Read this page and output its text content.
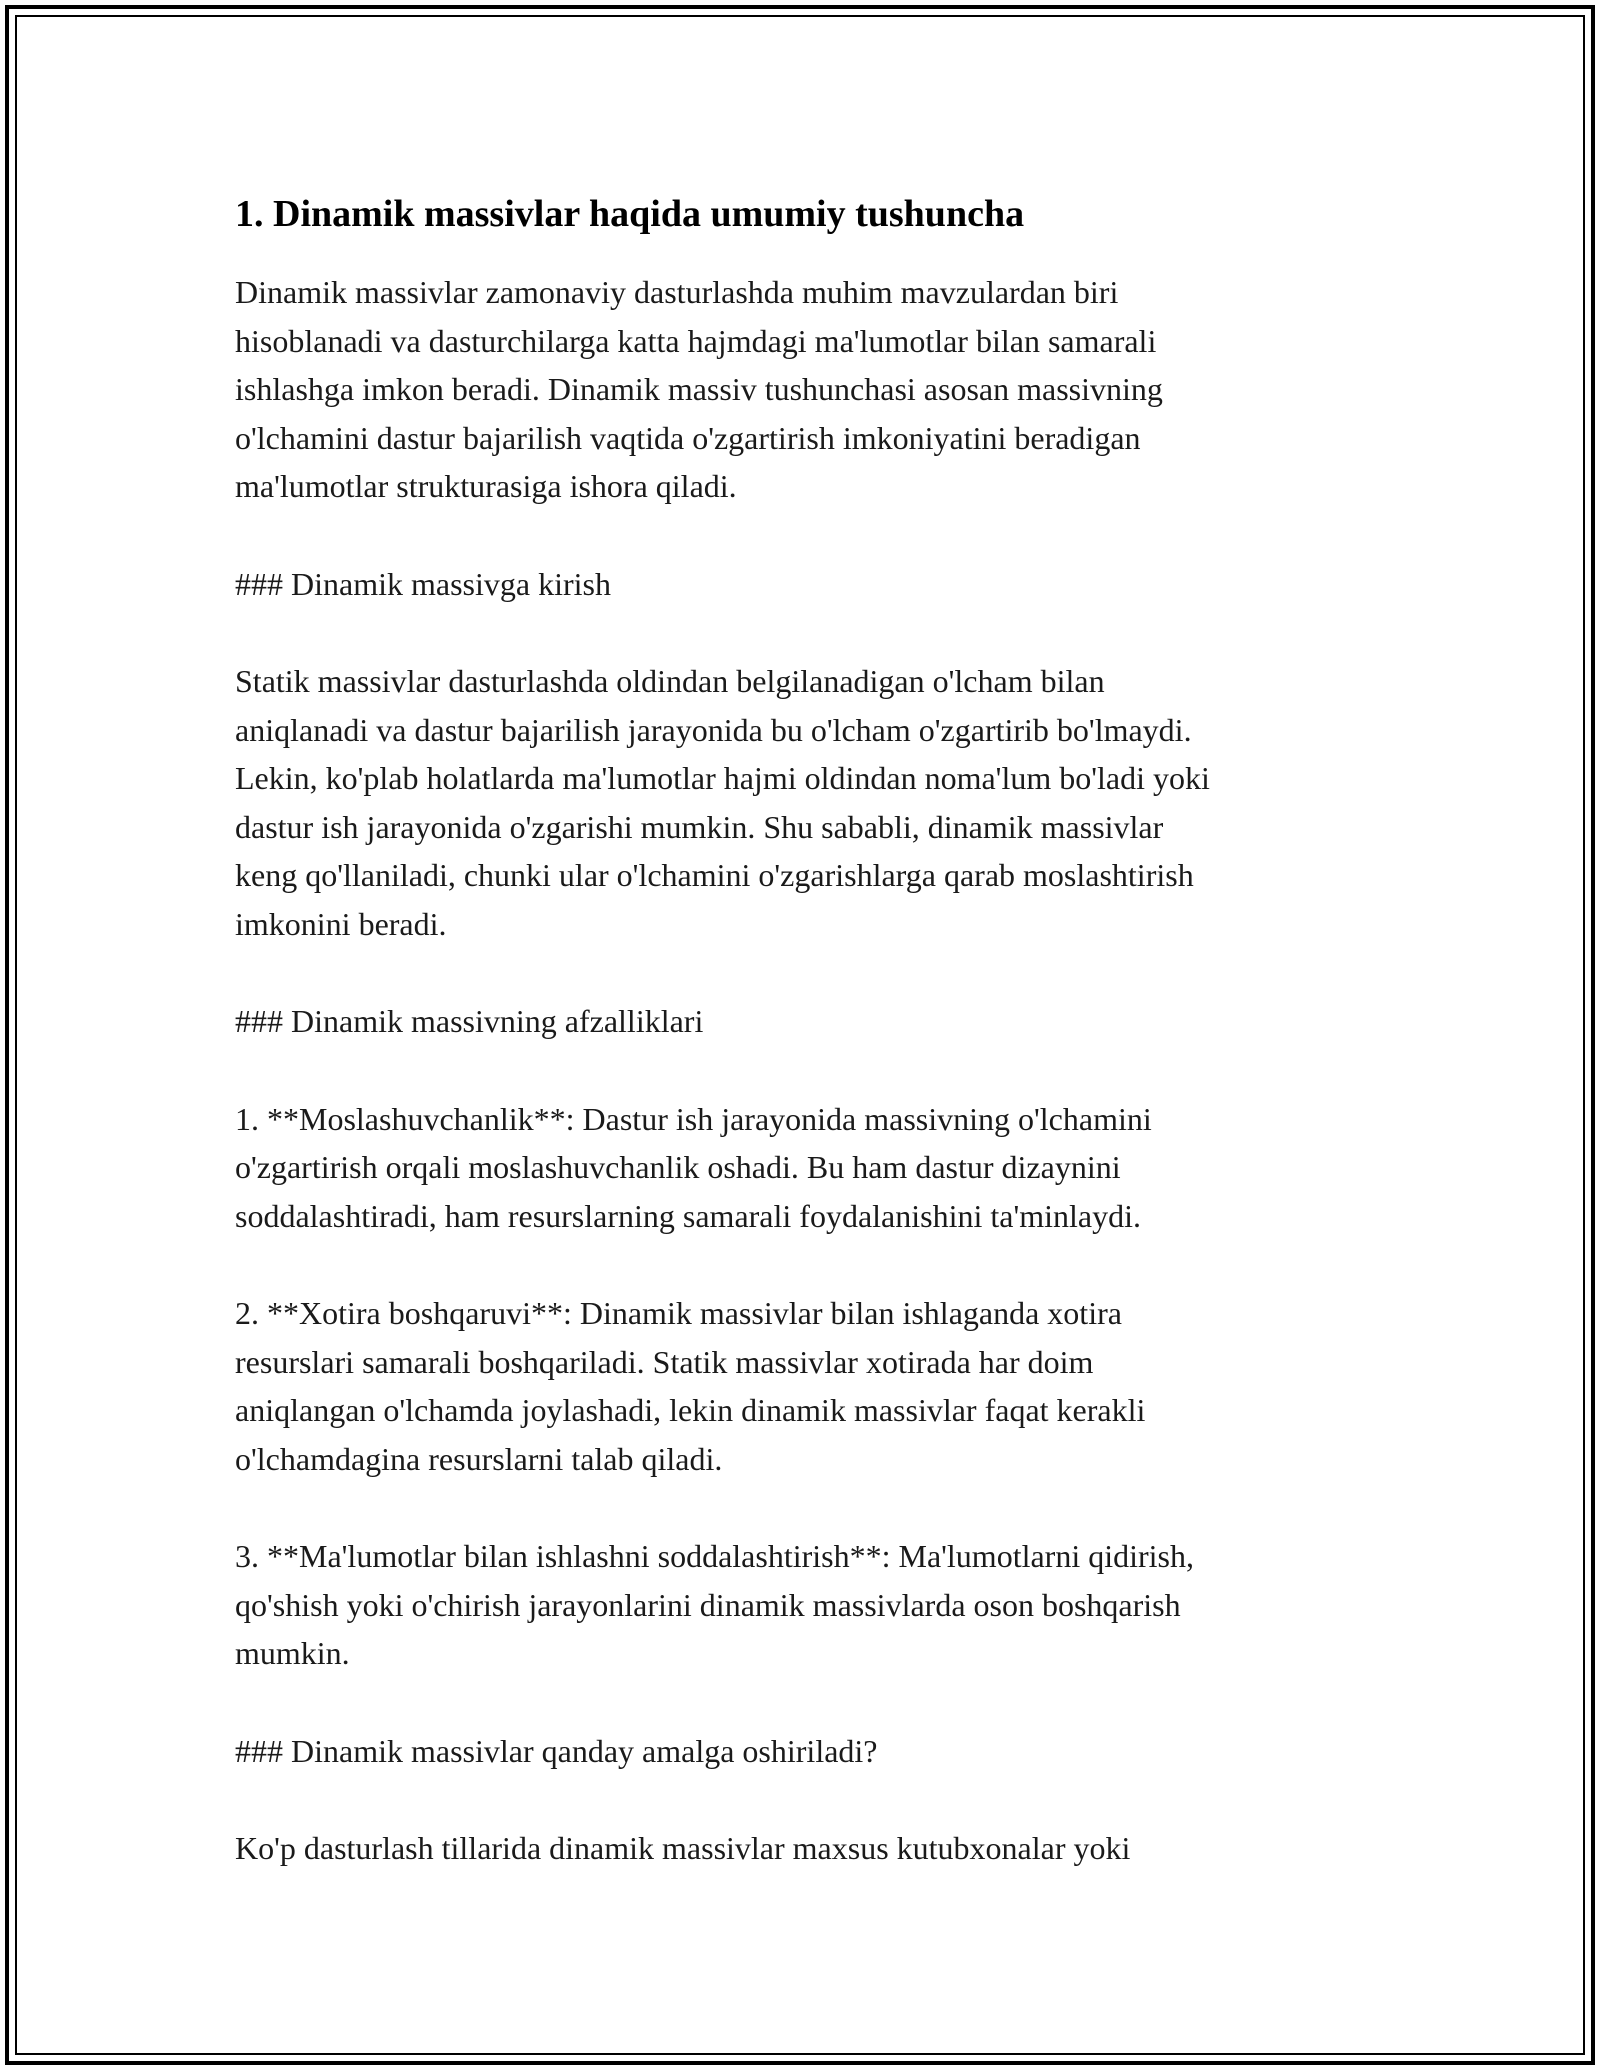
1. Dinamik massivlar haqida umumiy tushuncha

Dinamik massivlar zamonaviy dasturlashda muhim mavzulardan biri
hisoblanadi va dasturchilarga katta hajmdagi ma'lumotlar bilan samarali
ishlashga imkon beradi. Dinamik massiv tushunchasi asosan massivning
o'lchamini dastur bajarilish vaqtida o'zgartirish imkoniyatini beradigan
ma'lumotlar strukturasiga ishora qiladi.

### Dinamik massivga kirish

Statik massivlar dasturlashda oldindan belgilanadigan o'lcham bilan
aniqlanadi va dastur bajarilish jarayonida bu o'lcham o'zgartirib bo'lmaydi.
Lekin, ko'plab holatlarda ma'lumotlar hajmi oldindan noma'lum bo'ladi yoki
dastur ish jarayonida o'zgarishi mumkin. Shu sababli, dinamik massivlar
keng qo'llaniladi, chunki ular o'lchamini o'zgarishlarga qarab moslashtirish
imkonini beradi.

### Dinamik massivning afzalliklari

1. **Moslashuvchanlik**: Dastur ish jarayonida massivning o'lchamini
o'zgartirish orqali moslashuvchanlik oshadi. Bu ham dastur dizaynini
soddalashtiradi, ham resurslarning samarali foydalanishini ta'minlaydi.

2. **Xotira boshqaruvi**: Dinamik massivlar bilan ishlaganda xotira
resurslari samarali boshqariladi. Statik massivlar xotirada har doim
aniqlangan o'lchamda joylashadi, lekin dinamik massivlar faqat kerakli
o'lchamdagina resurslarni talab qiladi.

3. **Ma'lumotlar bilan ishlashni soddalashtirish**: Ma'lumotlarni qidirish,
qo'shish yoki o'chirish jarayonlarini dinamik massivlarda oson boshqarish
mumkin.

### Dinamik massivlar qanday amalga oshiriladi?

Ko'p dasturlash tillarida dinamik massivlar maxsus kutubxonalar yoki
